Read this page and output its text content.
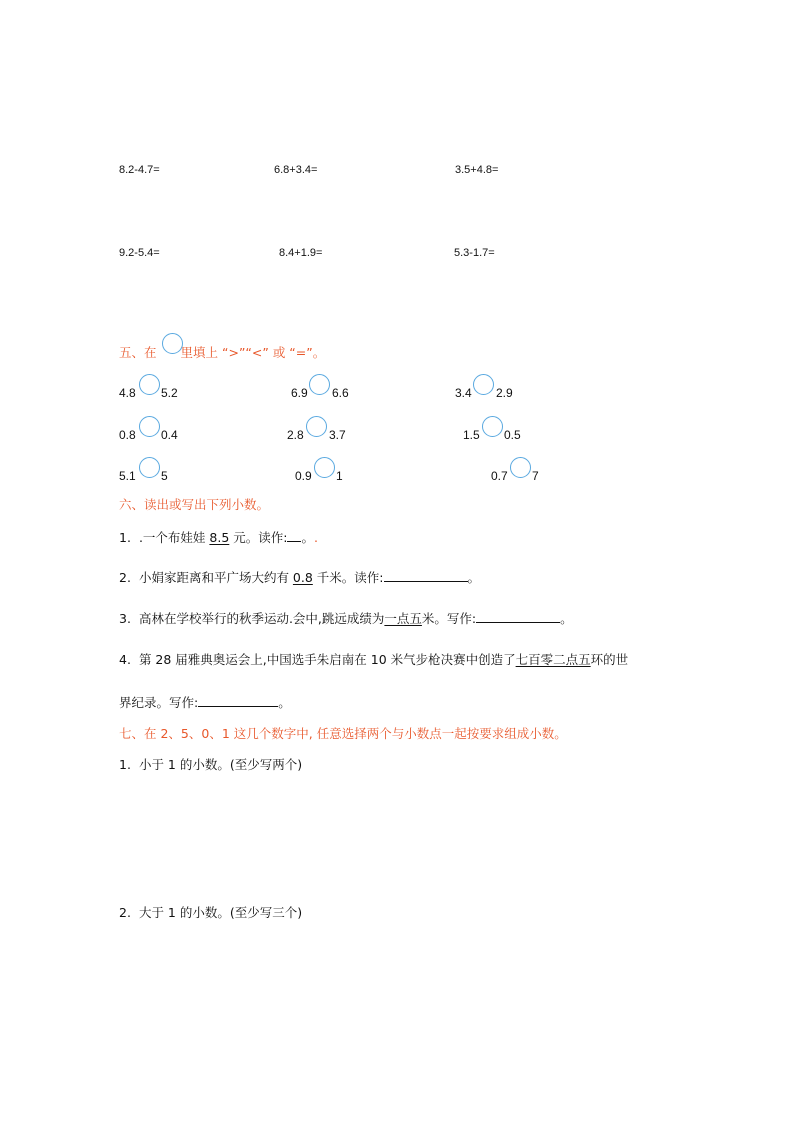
8.2-4.7=	6.8+3.4=	3.5+4.8=
9.2-5.4=	8.4+1.9=	5.3-1.7=
五、在 里填上 “>”“<” 或 “=”。
4.8 5.2	6.9 6.6	3.4 2.9
0.8 0.4	2.8 3.7	1.5 0.5
5.1 5	0.9 1	0.7 7
六、读出或写出下列小数。
1. .一个布娃娃 8.5 元。读作: 。.
2. 小娟家距离和平广场大约有 0.8 千米。读作:	。
3. 高林在学校举行的秋季运动.会中,跳远成绩为一点五米。写作:	。
4. 第 28 届雅典奥运会上,中国选手朱启南在 10 米气步枪决赛中创造了七百零二点五环的世
界纪录。写作:	。
七、在 2、5、0、1 这几个数字中, 任意选择两个与小数点一起按要求组成小数。
1. 小于 1 的小数。(至少写两个)
2. 大于 1 的小数。(至少写三个)
